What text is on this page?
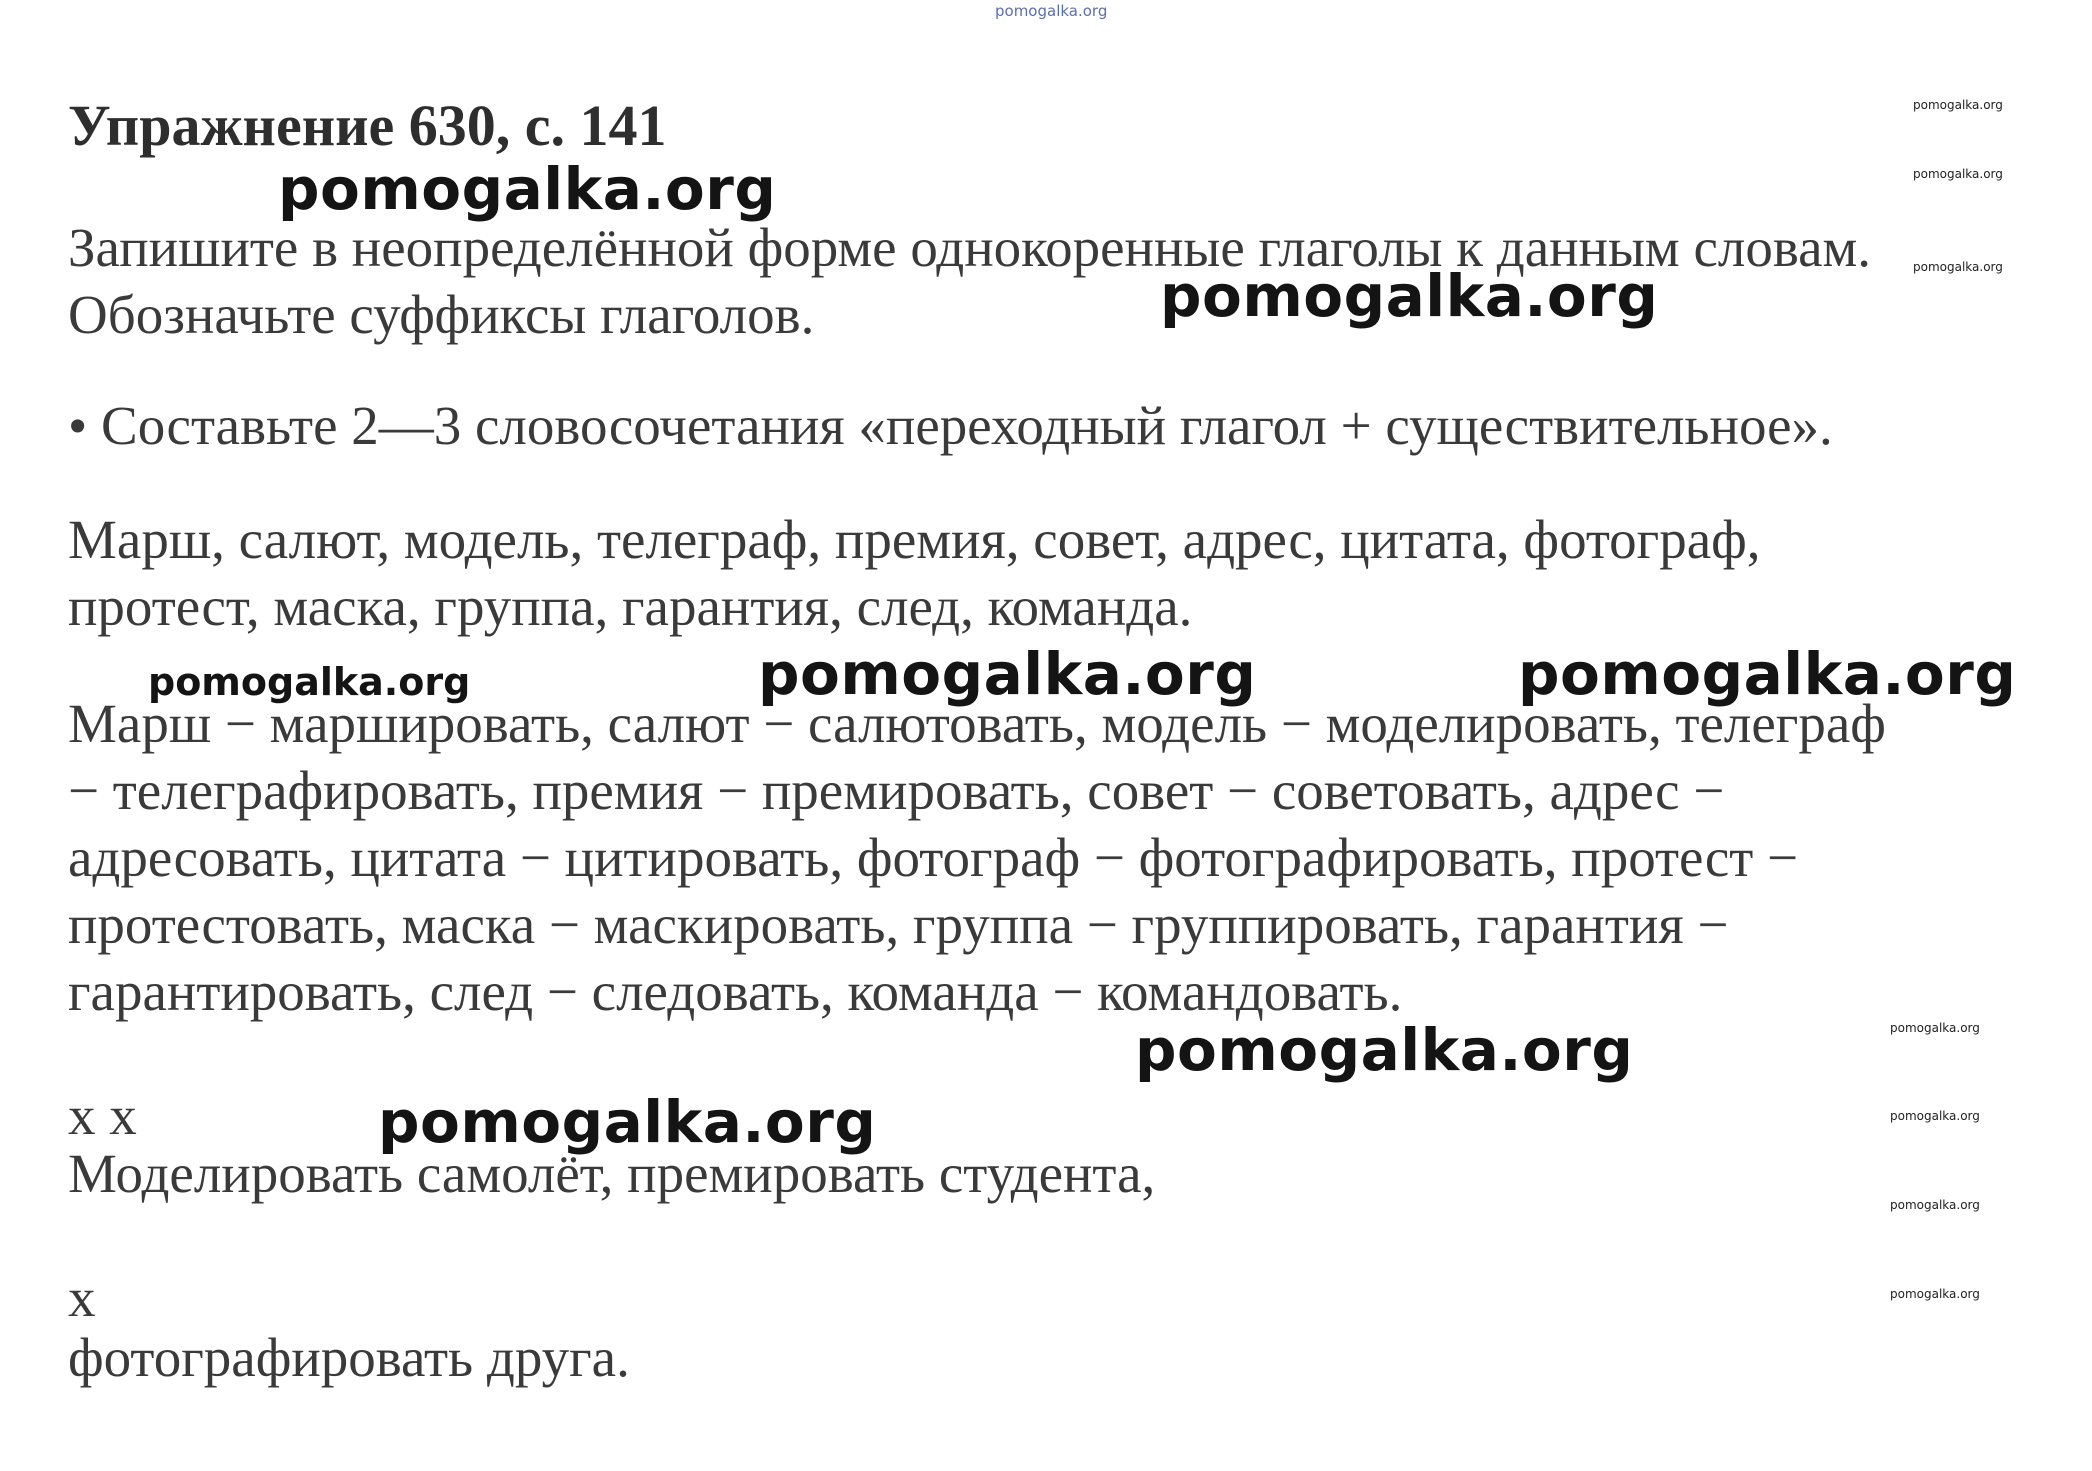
pomogalka.org
Упражнение 630, с. 141
Запишите в неопределённой форме однокоренные глаголы к данным словам.
Обозначьте суффиксы глаголов.
• Составьте 2—3 словосочетания «переходный глагол + существительное».
Марш, салют, модель, телеграф, премия, совет, адрес, цитата, фотограф,
протест, маска, группа, гарантия, след, команда.
Марш − маршировать, салют − салютовать, модель − моделировать, телеграф
− телеграфировать, премия − премировать, совет − советовать, адрес −
адресовать, цитата − цитировать, фотограф − фотографировать, протест −
протестовать, маска − маскировать, группа − группировать, гарантия −
гарантировать, след − следовать, команда − командовать.
x x
Моделировать самолёт, премировать студента,
x
фотографировать друга.
pomogalka.org
pomogalka.org
pomogalka.org	pomogalka.org
pomogalka.org
pomogalka.org
pomogalka.org
pomogalka.org
pomogalka.org
pomogalka.org
pomogalka.org
pomogalka.org
pomogalka.org
pomogalka.org
